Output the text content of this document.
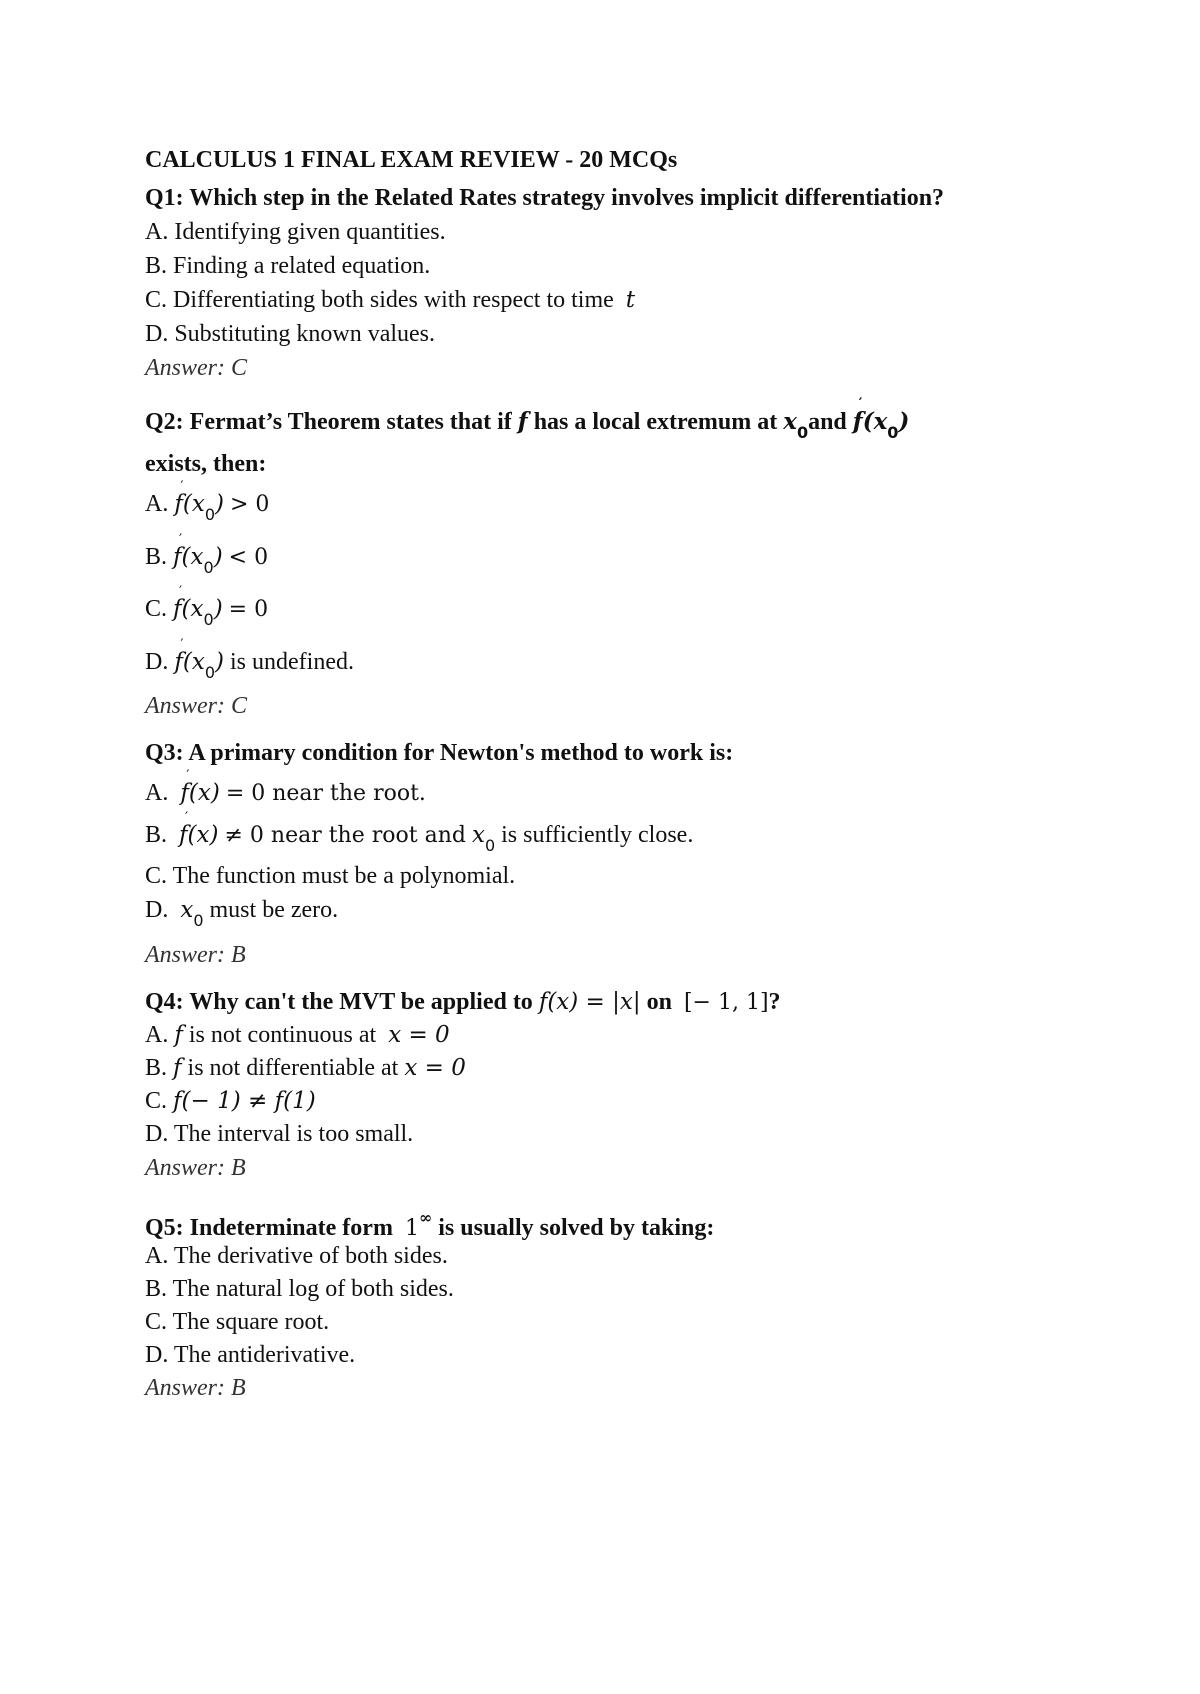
CALCULUS 1 FINAL EXAM REVIEW - 20 MCQs
Q1: Which step in the Related Rates strategy involves implicit differentiation?
A. Identifying given quantities.
B. Finding a related equation.
C. Differentiating both sides with respect to time t
D. Substituting known values.
Answer: C
Q2: Fermat’s Theorem states that if f has a local extremum at x0and f
′
(x0)
exists, then:
A. f
′
(x0) > 0
B. f
′
(x0) < 0
C. f
′
(x0) = 0
D. f
′
(x0) is undefined.
Answer: C
Q3: A primary condition for Newton's method to work is:
A. f
′
(x) = 0 near the root.
B. f
′
(x) ≠ 0 near the root and x0 is sufficiently close.
C. The function must be a polynomial.
D. x0 must be zero.
Answer: B
Q4: Why can't the MVT be applied to f(x) = |x| on [− 1, 1]?
A. f is not continuous at x = 0
B. f is not differentiable at x = 0
C. f(− 1) ≠ f(1)
D. The interval is too small.
Answer: B
Q5: Indeterminate form 1∞ is usually solved by taking:
A. The derivative of both sides.
B. The natural log of both sides.
C. The square root.
D. The antiderivative.
Answer: B
